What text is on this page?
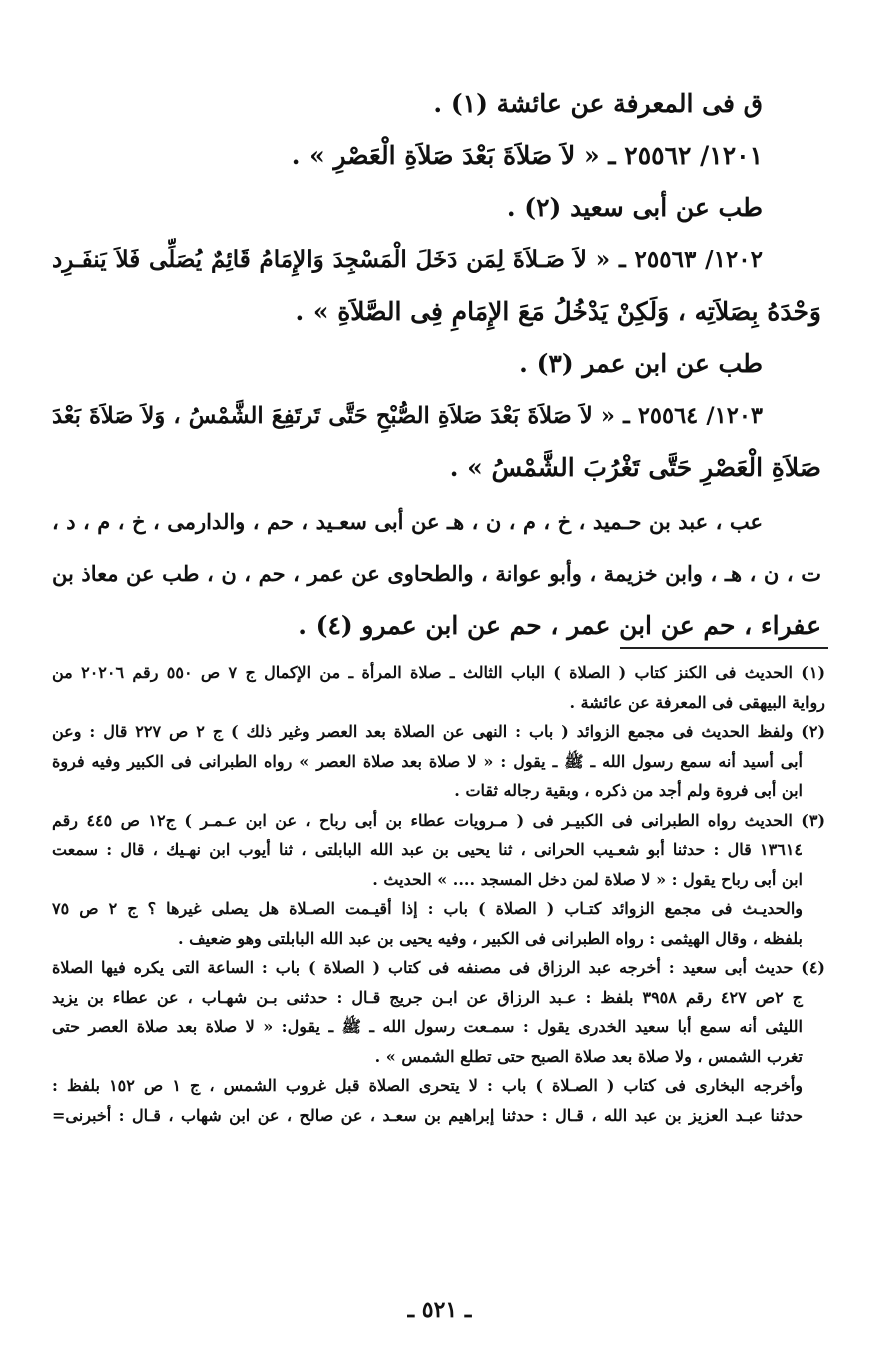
ق فى المعرفة عن عائشة (١) .
١٢٠١/ ٢٥٥٦٢ ـ « لاَ صَلاَةَ بَعْدَ صَلاَةِ الْعَصْرِ » .
طب عن أبى سعيد (٢) .
١٢٠٢/ ٢٥٥٦٣ ـ « لاَ صَـلاَةَ لِمَن دَخَلَ الْمَسْجِدَ وَالإِمَامُ قَائِمٌ يُصَلِّى فَلاَ يَنفَـرِد
وَحْدَهُ بِصَلاَتِه ، وَلَكِنْ يَدْخُلُ مَعَ الإِمَامِ فِى الصَّلاَةِ » .
طب عن ابن عمر (٣) .
١٢٠٣/ ٢٥٥٦٤ ـ « لاَ صَلاَةَ بَعْدَ صَلاَةِ الصُّبْحِ حَتَّى تَرتَفِعَ الشَّمْسُ ، وَلاَ صَلاَةَ بَعْدَ
صَلاَةِ الْعَصْرِ حَتَّى تَغْرُبَ الشَّمْسُ » .
عب ، عبد بن حـميد ، خ ، م ، ن ، هـ عن أبى سعـيد ، حم ، والدارمى ، خ ، م ، د ،
ت ، ن ، هـ ، وابن خزيمة ، وأبو عوانة ، والطحاوى عن عمر ، حم ، ن ، طب عن معاذ بن
عفراء ، حم عن ابن عمر ، حم عن ابن عمرو (٤) .
(١) الحديث فى الكنز كتاب ( الصلاة ) الباب الثالث ـ صلاة المرأة ـ من الإكمال ج ٧ ص ٥٥٠ رقم ٢٠٢٠٦ من
رواية البيهقى فى المعرفة عن عائشة .
(٢) ولفظ الحديث فى مجمع الزوائد ( باب : النهى عن الصلاة بعد العصر وغير ذلك ) ج ٢ ص ٢٢٧ قال : وعن
أبى أسيد أنه سمع رسول الله ـ ﷺ ـ يقول : « لا صلاة بعد صلاة العصر » رواه الطبرانى فى الكبير وفيه فروة
ابن أبى فروة ولم أجد من ذكره ، وبقية رجاله ثقات .
(٣) الحديث رواه الطبرانى فى الكبيـر فى ( مـرويات عطاء بن أبى رباح ، عن ابن عـمـر ) ج١٢ ص ٤٤٥ رقم
١٣٦١٤ قال : حدثنا أبو شعـيب الحرانى ، ثنا يحيى بن عبد الله البابلتى ، ثنا أيوب ابن نهـيك ، قال : سمعت
ابن أبى رباح يقول : « لا صلاة لمن دخل المسجد .... » الحديث .
والحديـث فى مجمع الزوائد كتـاب ( الصلاة ) باب : إذا أقيـمت الصـلاة هل يصلى غيرها ؟ ج ٢ ص ٧٥
بلفظه ، وقال الهيثمى : رواه الطبرانى فى الكبير ، وفيه يحيى بن عبد الله البابلتى وهو ضعيف .
(٤) حديث أبى سعيد : أخرجه عبد الرزاق فى مصنفه فى كتاب ( الصلاة ) باب : الساعة التى يكره فيها الصلاة
ج ٢ص ٤٢٧ رقم ٣٩٥٨ بلفظ : عـبد الرزاق عن ابـن جريج قـال : حدثنى بـن شهـاب ، عن عطاء بن يزيد
الليثى أنه سمع أبا سعيد الخدرى يقول : سمـعت رسول الله ـ ﷺ ـ يقول: « لا صلاة بعد صلاة العصر حتى
تغرب الشمس ، ولا صلاة بعد صلاة الصبح حتى تطلع الشمس » .
وأخرجه البخارى فى كتاب ( الصـلاة ) باب : لا يتحرى الصلاة قبل غروب الشمس ، ج ١ ص ١٥٢ بلفظ :
حدثنا عبـد العزيز بن عبد الله ، قـال : حدثنا إبراهيم بن سعـد ، عن صالح ، عن ابن شهاب ، قـال : أخبرنى=
ـ ٥٢١ ـ
